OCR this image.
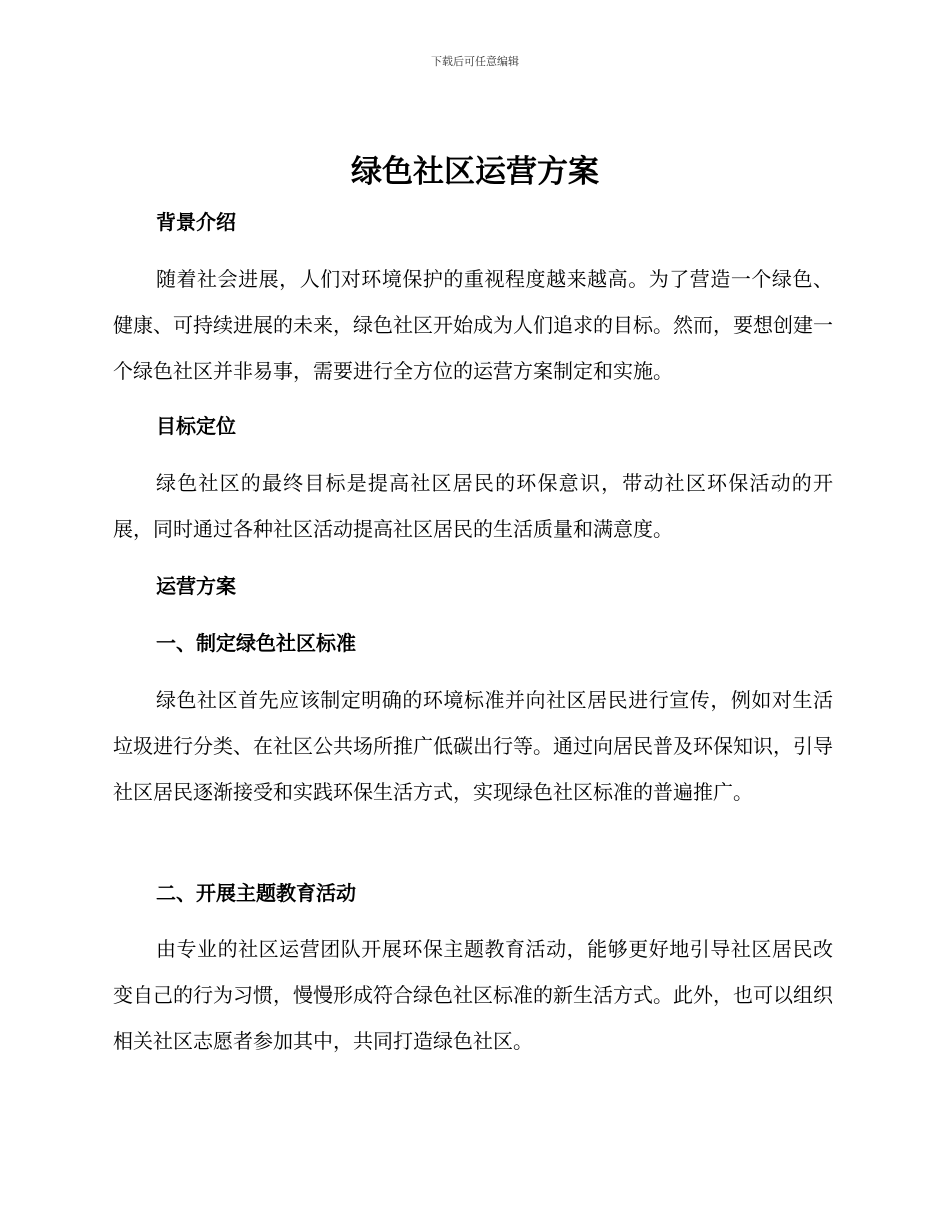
下载后可任意编辑
绿色社区运营方案
背景介绍

随着社会进展，人们对环境保护的重视程度越来越高。为了营造一个绿色、健康、可持续进展的未来，绿色社区开始成为人们追求的目标。然而，要想创建一个绿色社区并非易事，需要进行全方位的运营方案制定和实施。

目标定位

绿色社区的最终目标是提高社区居民的环保意识，带动社区环保活动的开展，同时通过各种社区活动提高社区居民的生活质量和满意度。

运营方案
一、制定绿色社区标准

绿色社区首先应该制定明确的环境标准并向社区居民进行宣传，例如对生活垃圾进行分类、在社区公共场所推广低碳出行等。通过向居民普及环保知识，引导社区居民逐渐接受和实践环保生活方式，实现绿色社区标准的普遍推广。

二、开展主题教育活动

由专业的社区运营团队开展环保主题教育活动，能够更好地引导社区居民改变自己的行为习惯，慢慢形成符合绿色社区标准的新生活方式。此外，也可以组织相关社区志愿者参加其中，共同打造绿色社区。
